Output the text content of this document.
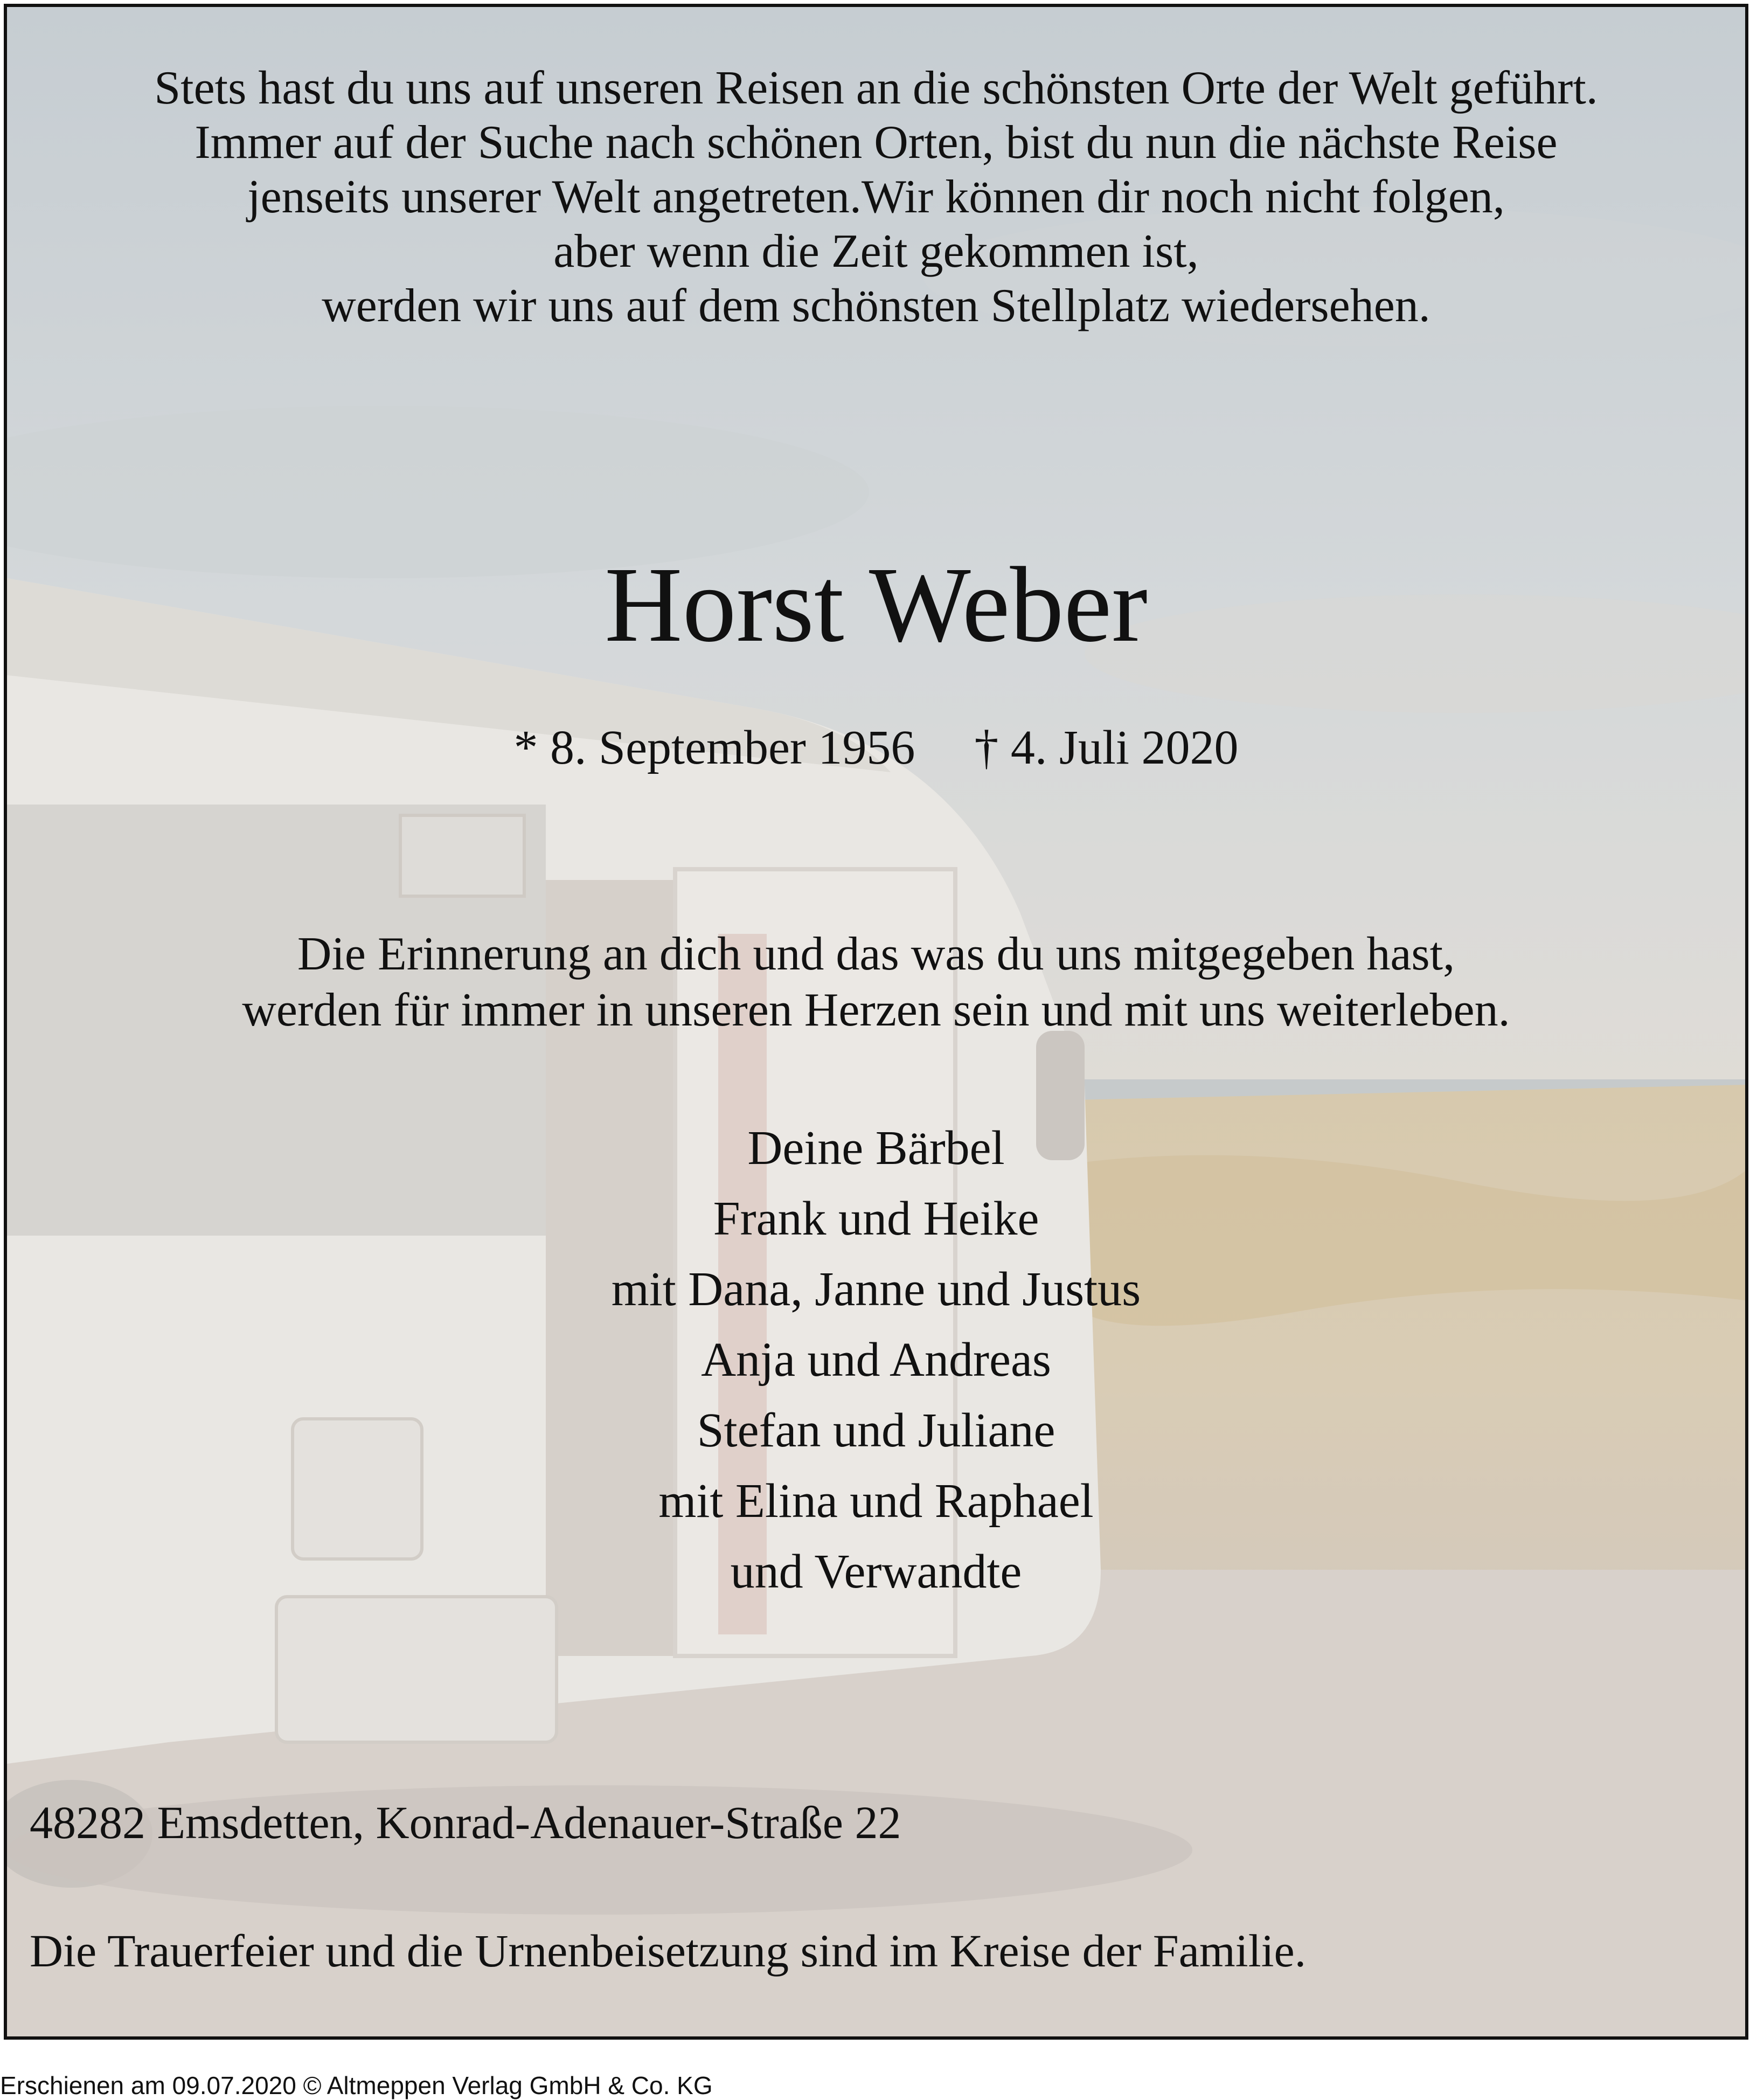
Stets hast du uns auf unseren Reisen an die schönsten Orte der Welt geführt.
Immer auf der Suche nach schönen Orten, bist du nun die nächste Reise
jenseits unserer Welt angetreten.Wir können dir noch nicht folgen,
aber wenn die Zeit gekommen ist,
werden wir uns auf dem schönsten Stellplatz wiedersehen.
Horst Weber
* 8. September 1956 † 4. Juli 2020
Die Erinnerung an dich und das was du uns mitgegeben hast,
werden für immer in unseren Herzen sein und mit uns weiterleben.
Deine Bärbel
Frank und Heike
mit Dana, Janne und Justus
Anja und Andreas
Stefan und Juliane
mit Elina und Raphael
und Verwandte
48282 Emsdetten, Konrad-Adenauer-Straße 22
Die Trauerfeier und die Urnenbeisetzung sind im Kreise der Familie.
Erschienen am 09.07.2020 © Altmeppen Verlag GmbH & Co. KG
